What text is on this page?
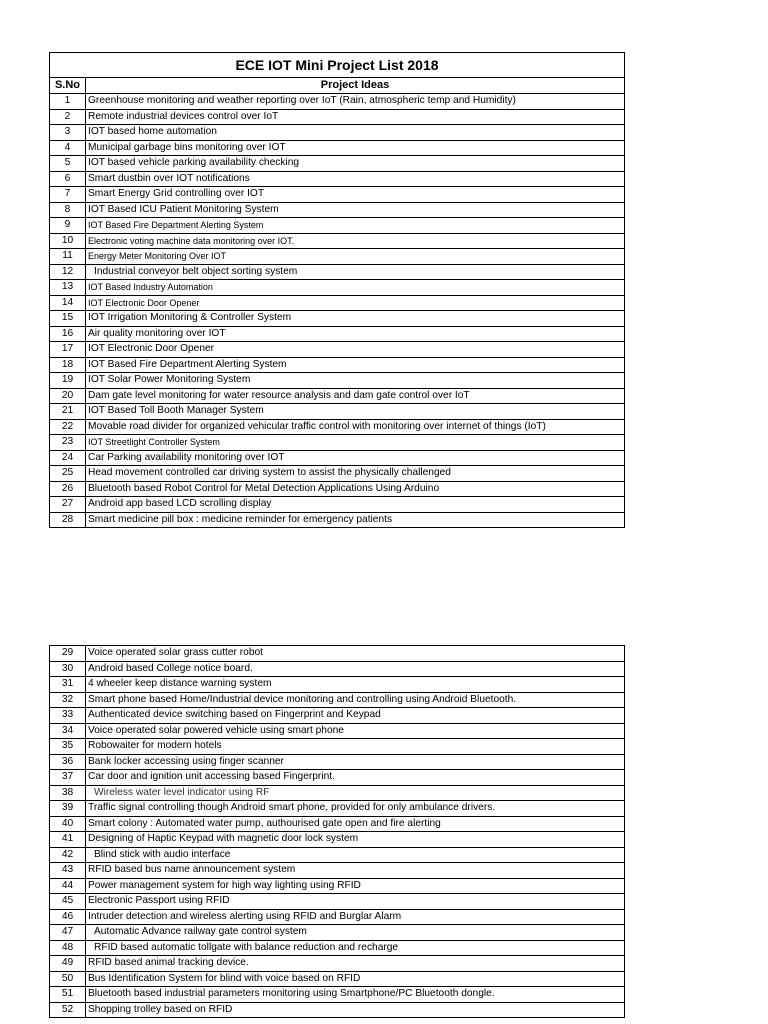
ECE IOT Mini Project List 2018	
S.No	Project Ideas
1	Greenhouse monitoring and weather reporting over IoT (Rain, atmospheric temp and Humidity)
2	Remote industrial devices control over IoT
3	IOT based home automation
4	Municipal garbage bins monitoring over IOT
5	IOT based vehicle parking availability checking
6	Smart dustbin over IOT notifications
7	Smart Energy Grid controlling over IOT
8	IOT Based ICU Patient Monitoring System
9	IOT Based Fire Department Alerting System
10	Electronic voting machine data monitoring over IOT.
11	Energy Meter Monitoring Over IOT
12	Industrial conveyor belt object sorting system
13	IOT Based Industry Automation
14	IOT Electronic Door Opener
15	IOT Irrigation Monitoring & Controller System
16	Air quality monitoring over IOT
17	IOT Electronic Door Opener
18	IOT Based Fire Department Alerting System
19	IOT Solar Power Monitoring System
20	Dam gate level monitoring for water resource analysis and dam gate control over IoT
21	IOT Based Toll Booth Manager System
22	Movable road divider for organized vehicular traffic control with monitoring over internet of things (IoT)
23	IOT Streetlight Controller System
24	Car Parking availability monitoring over IOT
25	Head movement controlled car driving system to assist the physically challenged
26	Bluetooth based Robot Control for Metal Detection Applications Using Arduino
27	Android app based LCD scrolling display
28	Smart medicine pill box : medicine reminder for emergency patients
29	Voice operated solar grass cutter robot
30	Android based College notice board.
31	4 wheeler keep distance warning system
32	Smart phone based Home/Industrial device monitoring and controlling using Android Bluetooth.
33	Authenticated device switching based on Fingerprint and Keypad
34	Voice operated solar powered vehicle using smart phone
35	Robowaiter for modern hotels
36	Bank locker accessing using finger scanner
37	Car door and ignition unit accessing based Fingerprint.
38	Wireless water level indicator using RF
39	Traffic signal controlling though Android smart phone, provided for only ambulance drivers.
40	Smart colony : Automated water pump, authourised gate open and fire alerting
41	Designing of Haptic Keypad with magnetic door lock system
42	Blind stick with audio interface
43	RFID based bus name announcement system
44	Power management system for high way lighting using RFID
45	Electronic Passport using RFID
46	Intruder detection and wireless alerting using RFID and Burglar Alarm
47	Automatic Advance railway gate control system
48	RFID based automatic tollgate with balance reduction and recharge
49	RFID based animal tracking device.
50	Bus Identification System for blind with voice based on RFID
51	Bluetooth based industrial parameters monitoring using Smartphone/PC Bluetooth dongle.
52	Shopping trolley based on RFID
